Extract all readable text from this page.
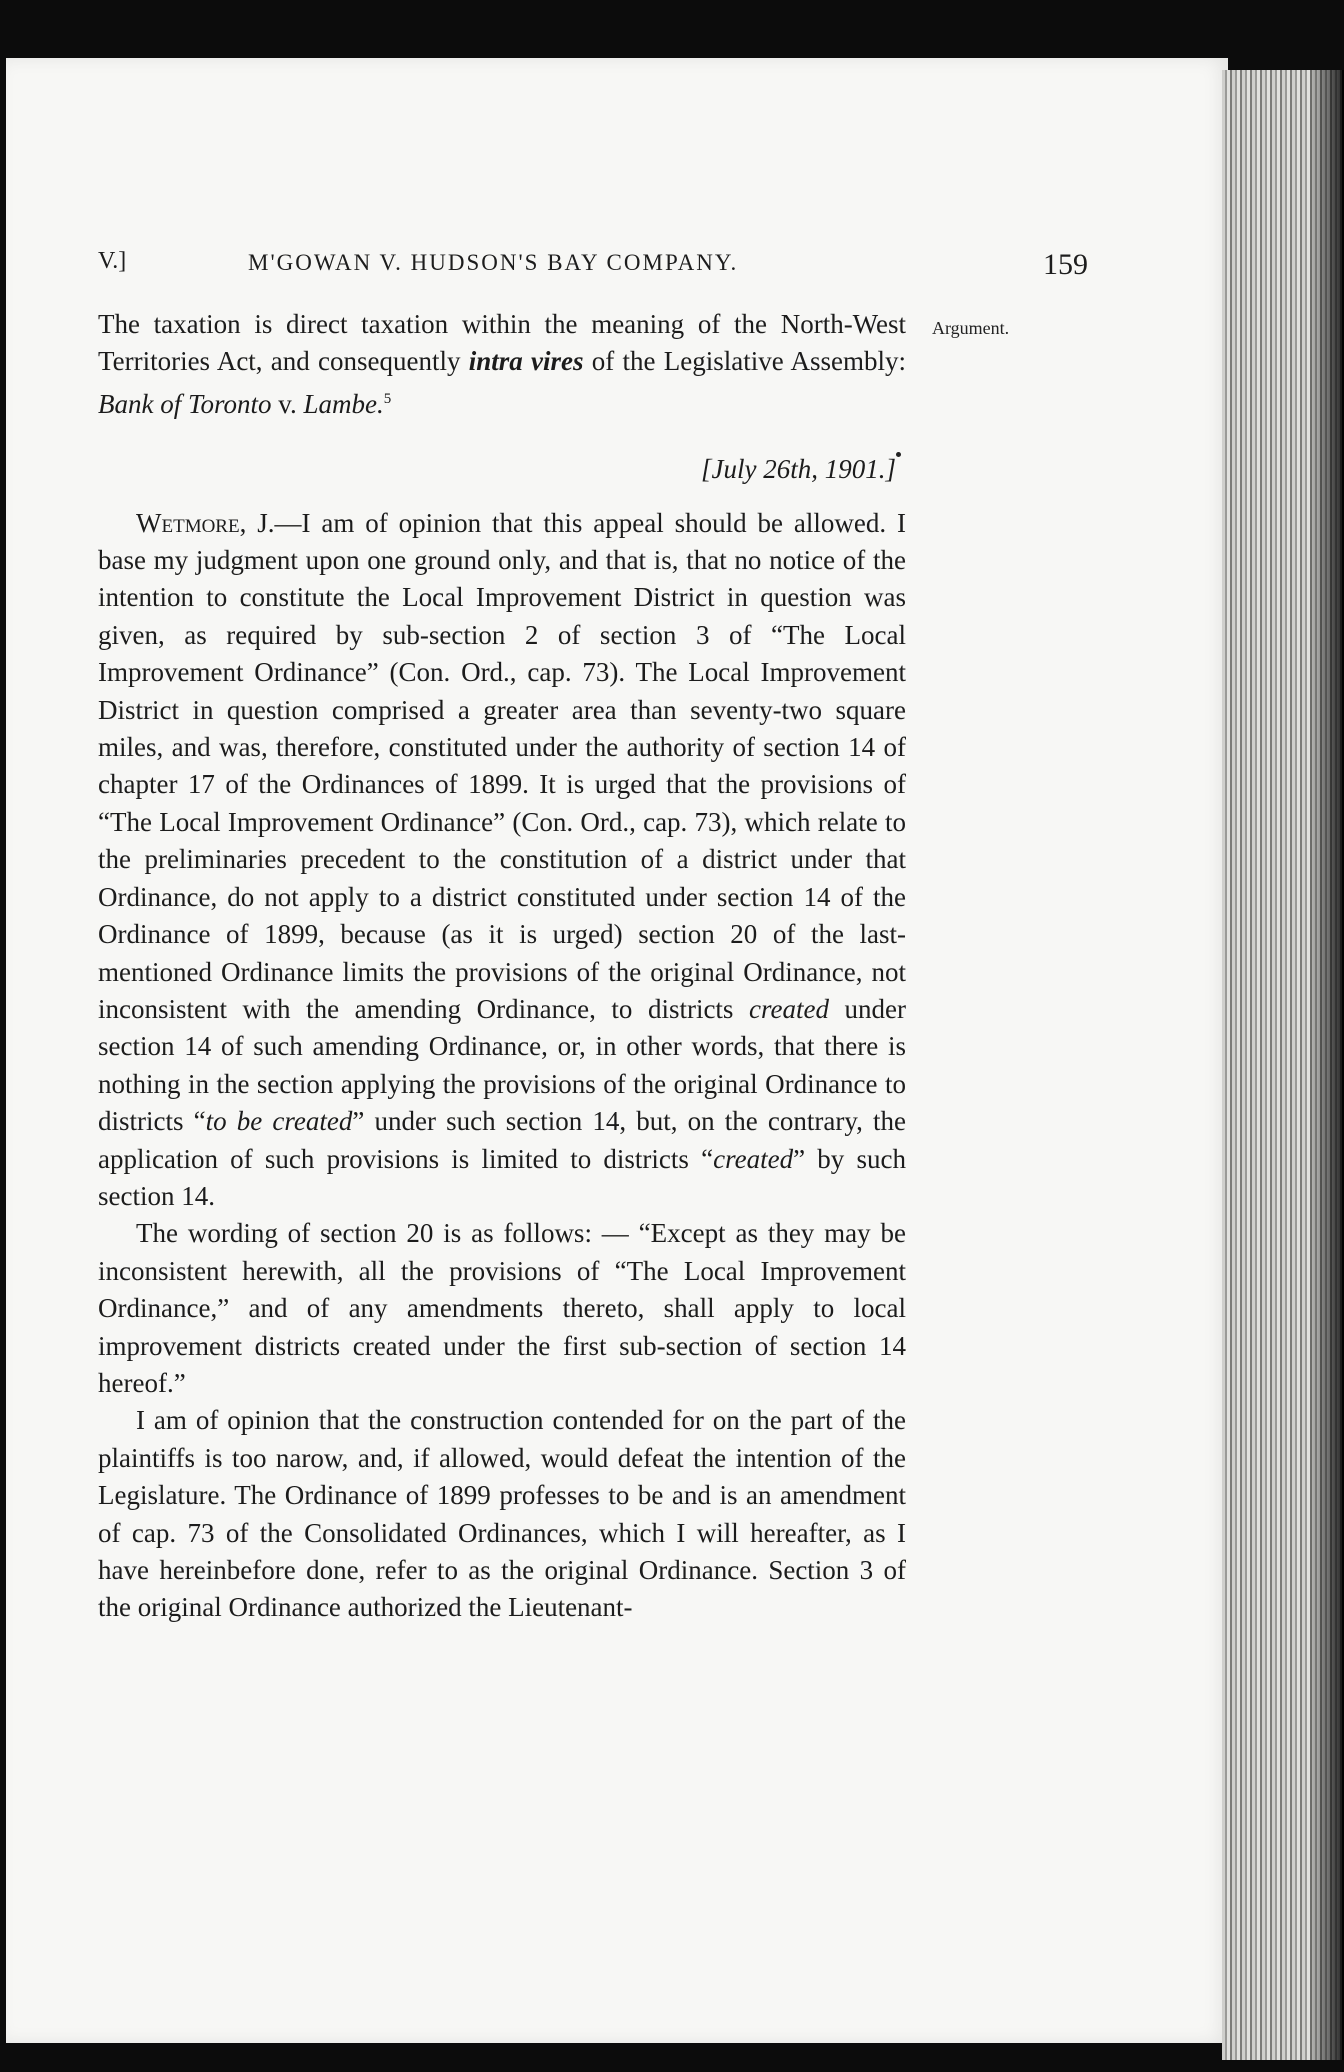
V.]	M'GOWAN V. HUDSON'S BAY COMPANY.	159
Argument.

The taxation is direct taxation within the meaning of the North-West Territories Act, and consequently intra vires of the Legislative Assembly: Bank of Toronto v. Lambe.$^5$

[July 26th, 1901.]

Wetmore, J.—I am of opinion that this appeal should be allowed. I base my judgment upon one ground only, and that is, that no notice of the intention to constitute the Local Improvement District in question was given, as required by sub-section 2 of section 3 of “The Local Improvement Ordinance” (Con. Ord., cap. 73). The Local Improvement District in question comprised a greater area than seventy-two square miles, and was, therefore, constituted under the authority of section 14 of chapter 17 of the Ordinances of 1899. It is urged that the provisions of “The Local Improvement Ordinance” (Con. Ord., cap. 73), which relate to the preliminaries precedent to the constitution of a district under that Ordinance, do not apply to a district constituted under section 14 of the Ordinance of 1899, because (as it is urged) section 20 of the last-mentioned Ordinance limits the provisions of the original Ordinance, not inconsistent with the amending Ordinance, to districts created under section 14 of such amending Ordinance, or, in other words, that there is nothing in the section applying the provisions of the original Ordinance to districts “to be created” under such section 14, but, on the contrary, the application of such provisions is limited to districts “created” by such section 14.

The wording of section 20 is as follows: — “Except as they may be inconsistent herewith, all the provisions of “The Local Improvement Ordinance,” and of any amendments thereto, shall apply to local improvement districts created under the first sub-section of section 14 hereof.”

I am of opinion that the construction contended for on the part of the plaintiffs is too narow, and, if allowed, would defeat the intention of the Legislature. The Ordinance of 1899 professes to be and is an amendment of cap. 73 of the Consolidated Ordinances, which I will hereafter, as I have hereinbefore done, refer to as the original Ordinance. Section 3 of the original Ordinance authorized the Lieutenant-
